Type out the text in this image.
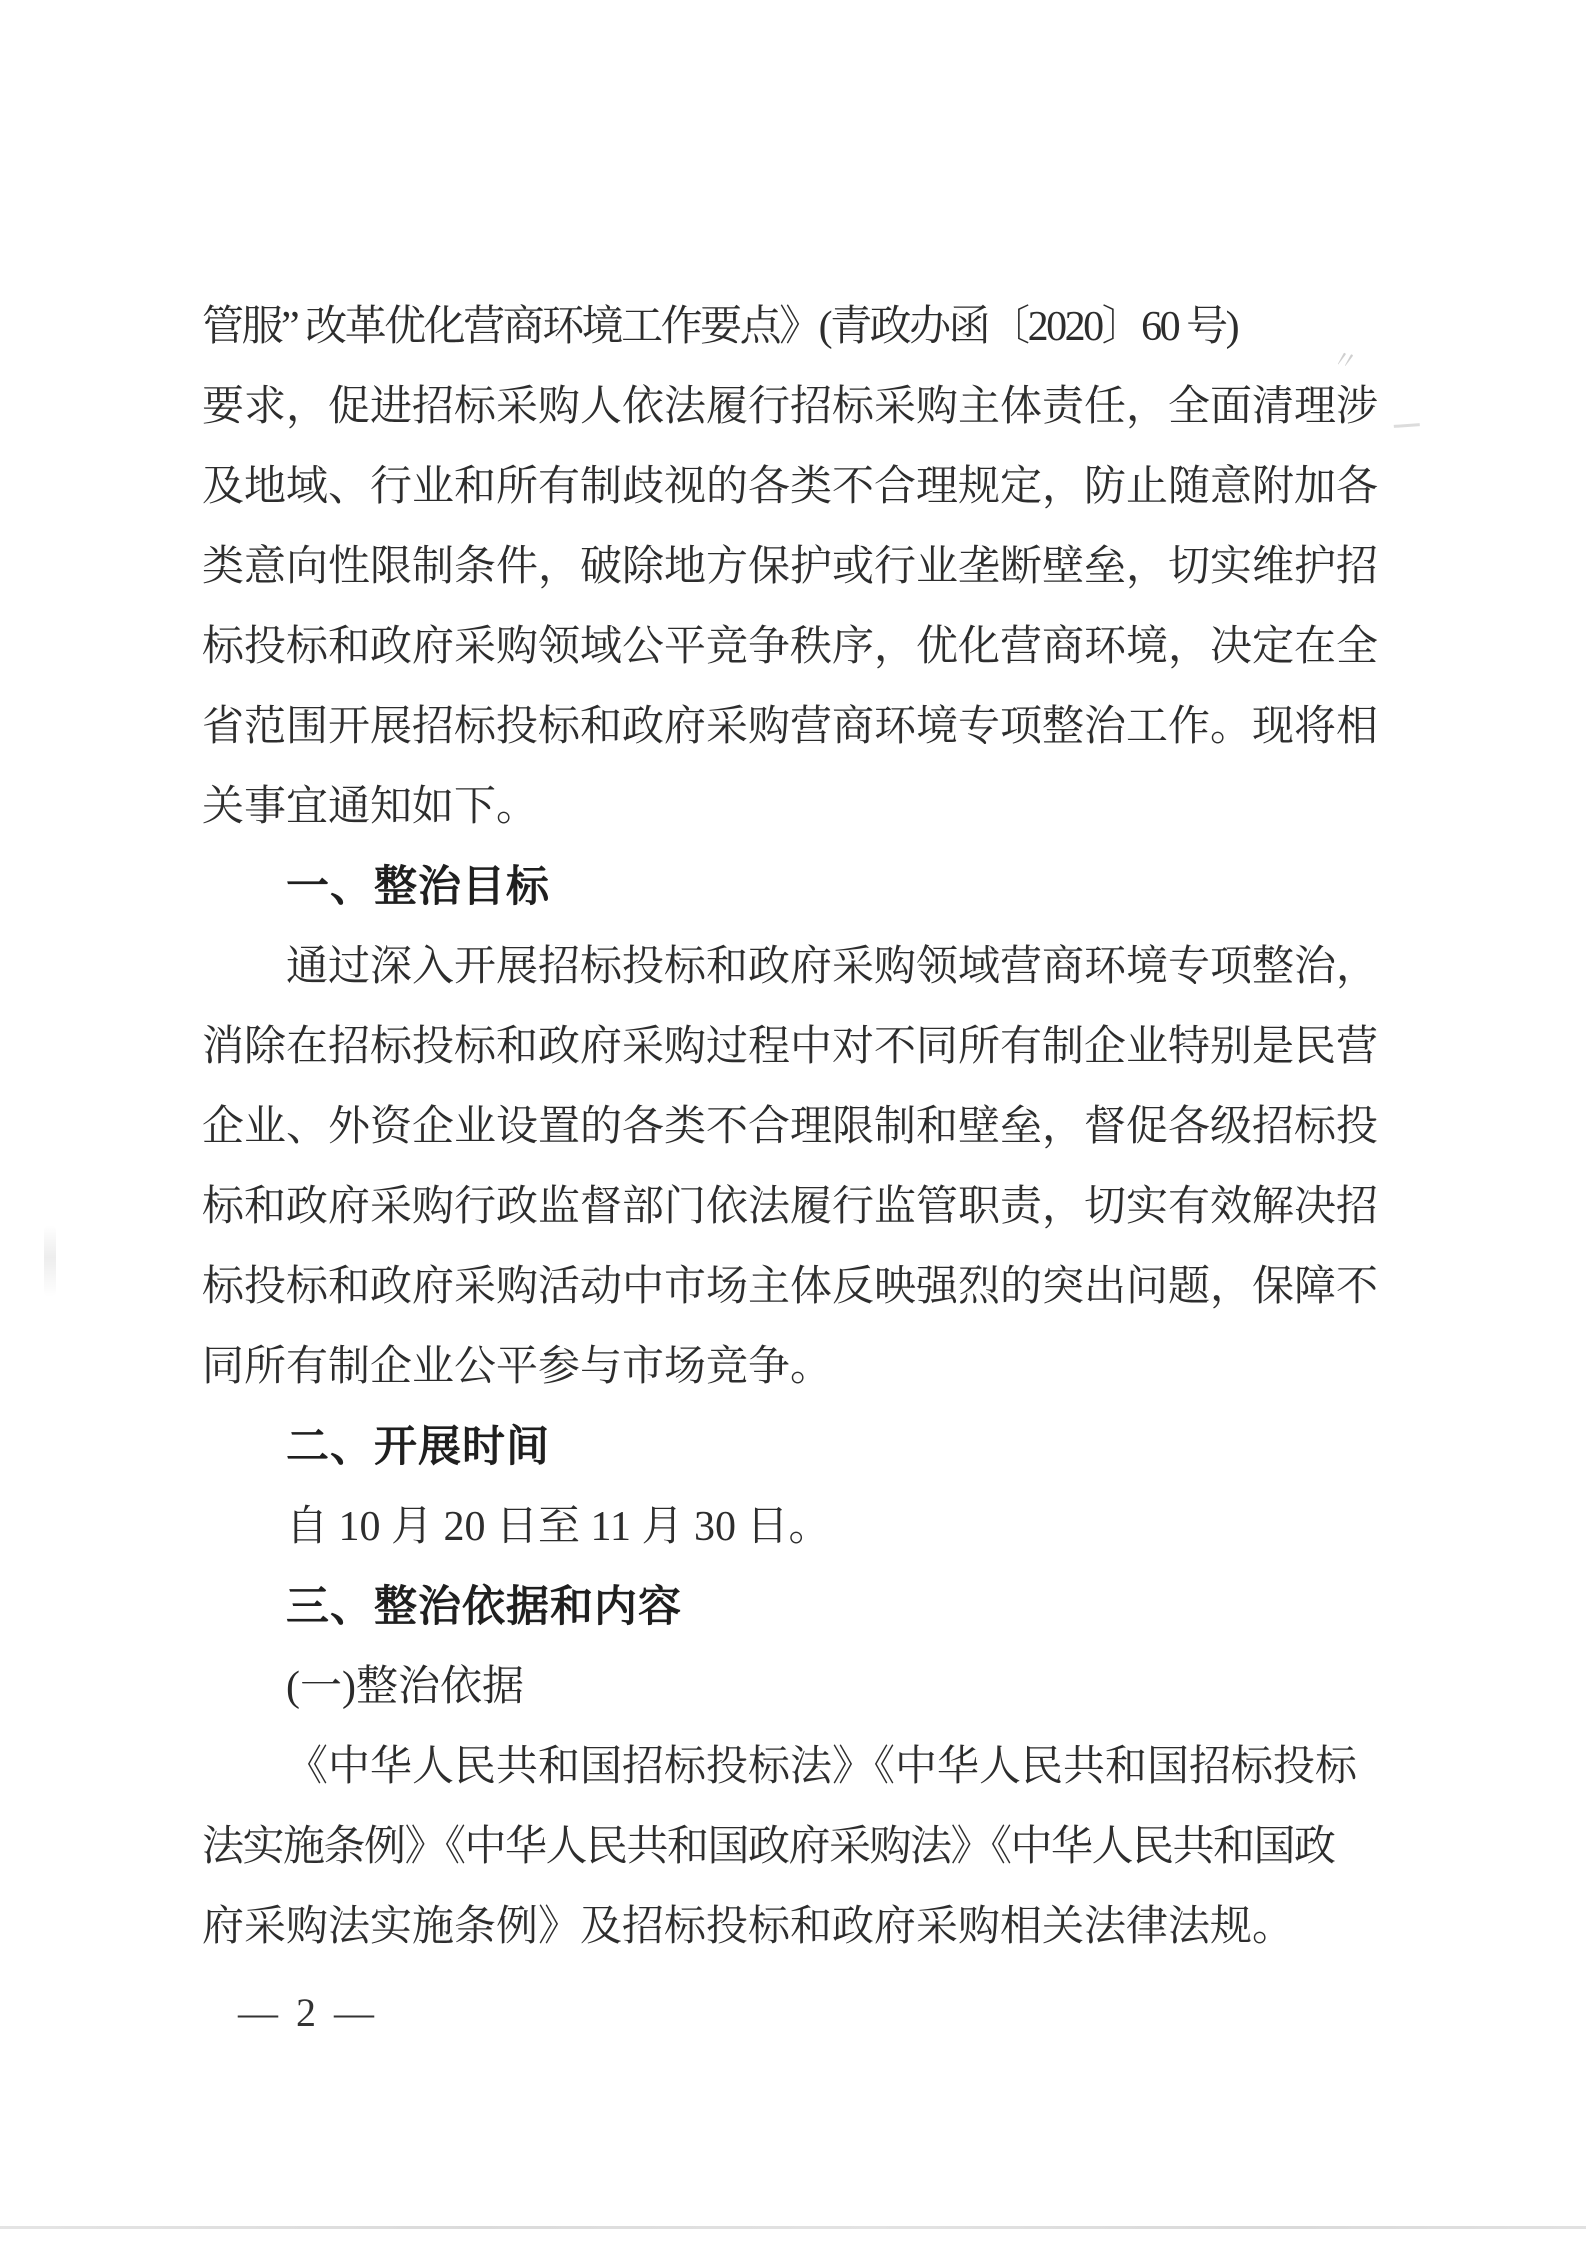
管服” 改革优化营商环境工作要点》(青政办函〔2020〕60 号)
要求，促进招标采购人依法履行招标采购主体责任，全面清理涉
及地域、行业和所有制歧视的各类不合理规定，防止随意附加各
类意向性限制条件，破除地方保护或行业垄断壁垒，切实维护招
标投标和政府采购领域公平竞争秩序，优化营商环境，决定在全
省范围开展招标投标和政府采购营商环境专项整治工作。现将相
关事宜通知如下。
一、整治目标
通过深入开展招标投标和政府采购领域营商环境专项整治，
消除在招标投标和政府采购过程中对不同所有制企业特别是民营
企业、外资企业设置的各类不合理限制和壁垒，督促各级招标投
标和政府采购行政监督部门依法履行监管职责，切实有效解决招
标投标和政府采购活动中市场主体反映强烈的突出问题，保障不
同所有制企业公平参与市场竞争。
二、开展时间
自 10 月 20 日至 11 月 30 日。
三、整治依据和内容
(一)整治依据
《中华人民共和国招标投标法》《中华人民共和国招标投标
法实施条例》《中华人民共和国政府采购法》《中华人民共和国政
府采购法实施条例》及招标投标和政府采购相关法律法规。
— 2 —
〃
